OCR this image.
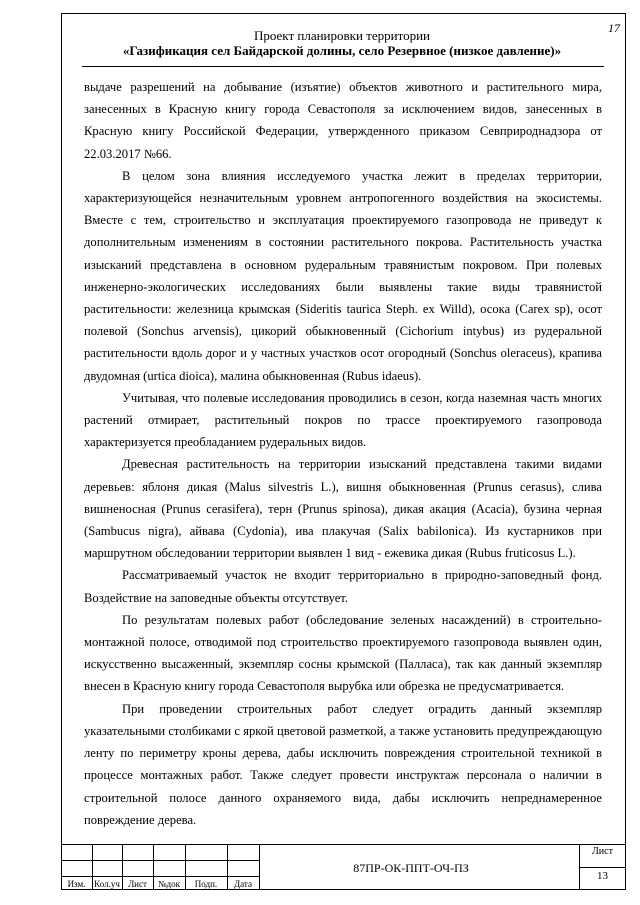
17
Проект планировки территории
«Газификация сел Байдарской долины, село Резервное (низкое давление)»

выдаче разрешений на добывание (изъятие) объектов животного и растительного мира, занесенных в Красную книгу города Севастополя за исключением видов, занесенных в Красную книгу Российской Федерации, утвержденного приказом Севприроднадзора от 22.03.2017 №66.

В целом зона влияния исследуемого участка лежит в пределах территории, характеризующейся незначительным уровнем антропогенного воздействия на экосистемы. Вместе с тем, строительство и эксплуатация проектируемого газопровода не приведут к дополнительным изменениям в состоянии растительного покрова. Растительность участка изысканий представлена в основном рудеральным травянистым покровом. При полевых инженерно-экологических исследованиях были выявлены такие виды травянистой растительности: железница крымская (Sideritis taurica Steph. ex Willd), осока (Carex sp), осот полевой (Sonchus arvensis), цикорий обыкновенный (Cichorium intybus) из рудеральной растительности вдоль дорог и у частных участков осот огородный (Sonchus oleraceus), крапива двудомная (urtica dioica), малина обыкновенная (Rubus idaeus).

Учитывая, что полевые исследования проводились в сезон, когда наземная часть многих растений отмирает, растительный покров по трассе проектируемого газопровода характеризуется преобладанием рудеральных видов.

Древесная растительность на территории изысканий представлена такими видами деревьев: яблоня дикая (Malus silvestris L.), вишня обыкновенная (Prunus cerasus), слива вишненосная (Prunus cerasifera), терн (Prunus spinosa), дикая акация (Acacia), бузина черная (Sambucus nigra), айвава (Cydonia), ива плакучая (Salix babilonica). Из кустарников при маршрутном обследовании территории выявлен 1 вид - ежевика дикая (Rubus fruticosus L.).

Рассматриваемый участок не входит территориально в природно-заповедный фонд. Воздействие на заповедные объекты отсутствует.

По результатам полевых работ (обследование зеленых насаждений) в строительно-монтажной полосе, отводимой под строительство проектируемого газопровода выявлен один, искусственно высаженный, экземпляр сосны крымской (Палласа), так как данный экземпляр внесен в Красную книгу города Севастополя вырубка или обрезка не предусматривается.

При проведении строительных работ следует оградить данный экземпляр указательными столбиками с яркой цветовой разметкой, а также установить предупреждающую ленту по периметру кроны дерева, дабы исключить повреждения строительной техникой в процессе монтажных работ. Также следует провести инструктаж персонала о наличии в строительной полосе данного охраняемого вида, дабы исключить непреднамеренное повреждение дерева.

Изм. Кол.уч Лист	№док	Подп.	Дата
87ПР-ОК-ППТ-ОЧ-ПЗ
Лист
13
